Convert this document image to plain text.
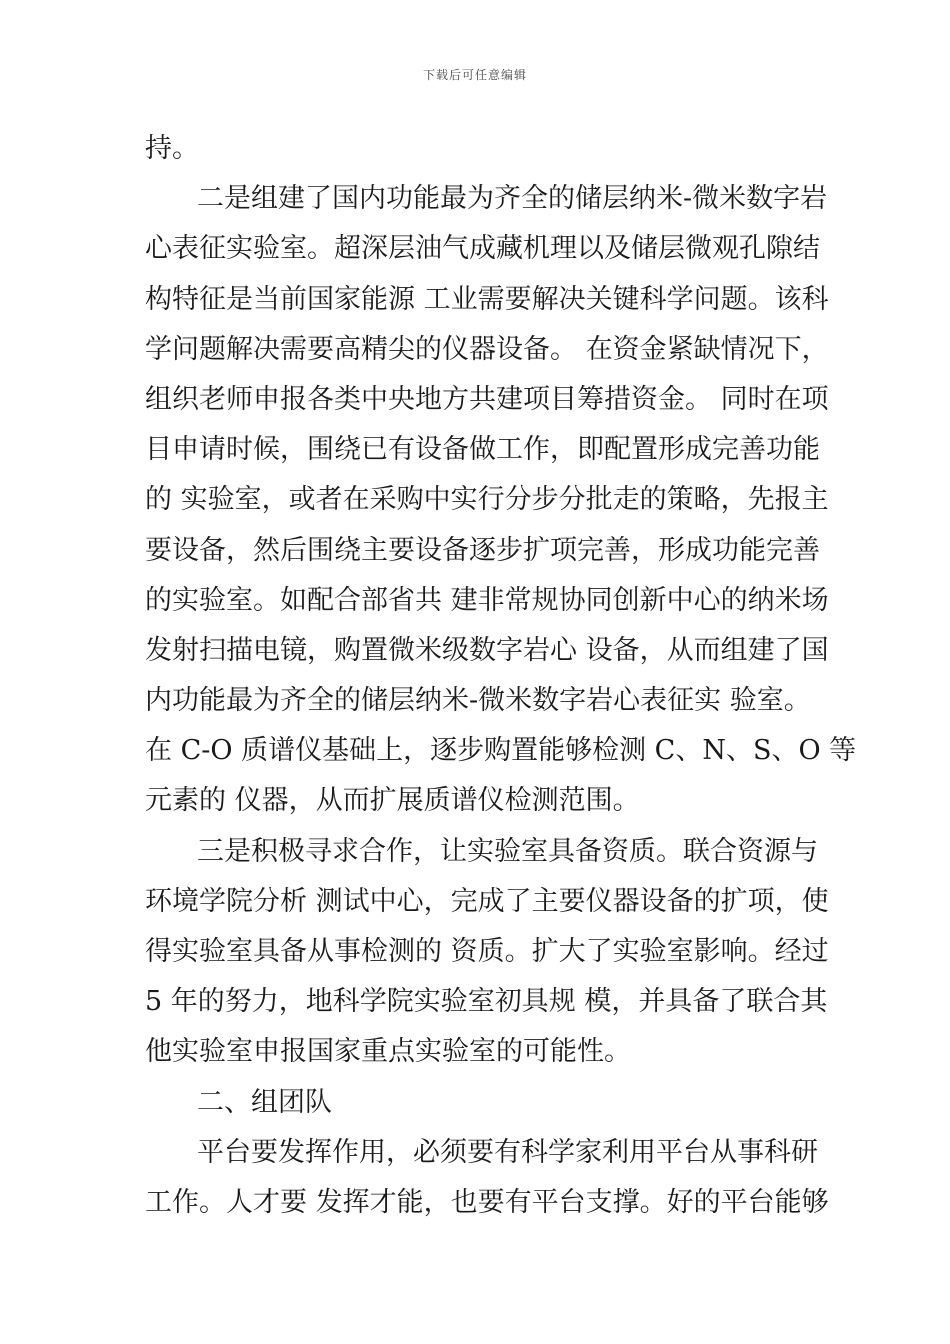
下载后可任意编辑
持。
二是组建了国内功能最为齐全的储层纳米-微米数字岩
心表征实验室。超深层油气成藏机理以及储层微观孔隙结
构特征是当前国家能源 工业需要解决关键科学问题。该科
学问题解决需要高精尖的仪器设备。 在资金紧缺情况下，
组织老师申报各类中央地方共建项目筹措资金。 同时在项
目申请时候，围绕已有设备做工作，即配置形成完善功能
的 实验室，或者在采购中实行分步分批走的策略，先报主
要设备，然后围绕主要设备逐步扩项完善，形成功能完善
的实验室。如配合部省共 建非常规协同创新中心的纳米场
发射扫描电镜，购置微米级数字岩心 设备，从而组建了国
内功能最为齐全的储层纳米-微米数字岩心表征实 验室。
在 C-O 质谱仪基础上，逐步购置能够检测 C、N、S、O 等
元素的 仪器，从而扩展质谱仪检测范围。
三是积极寻求合作，让实验室具备资质。联合资源与
环境学院分析 测试中心，完成了主要仪器设备的扩项，使
得实验室具备从事检测的 资质。扩大了实验室影响。经过
5 年的努力，地科学院实验室初具规 模，并具备了联合其
他实验室申报国家重点实验室的可能性。
二、组团队
平台要发挥作用，必须要有科学家利用平台从事科研
工作。人才要 发挥才能，也要有平台支撑。好的平台能够
